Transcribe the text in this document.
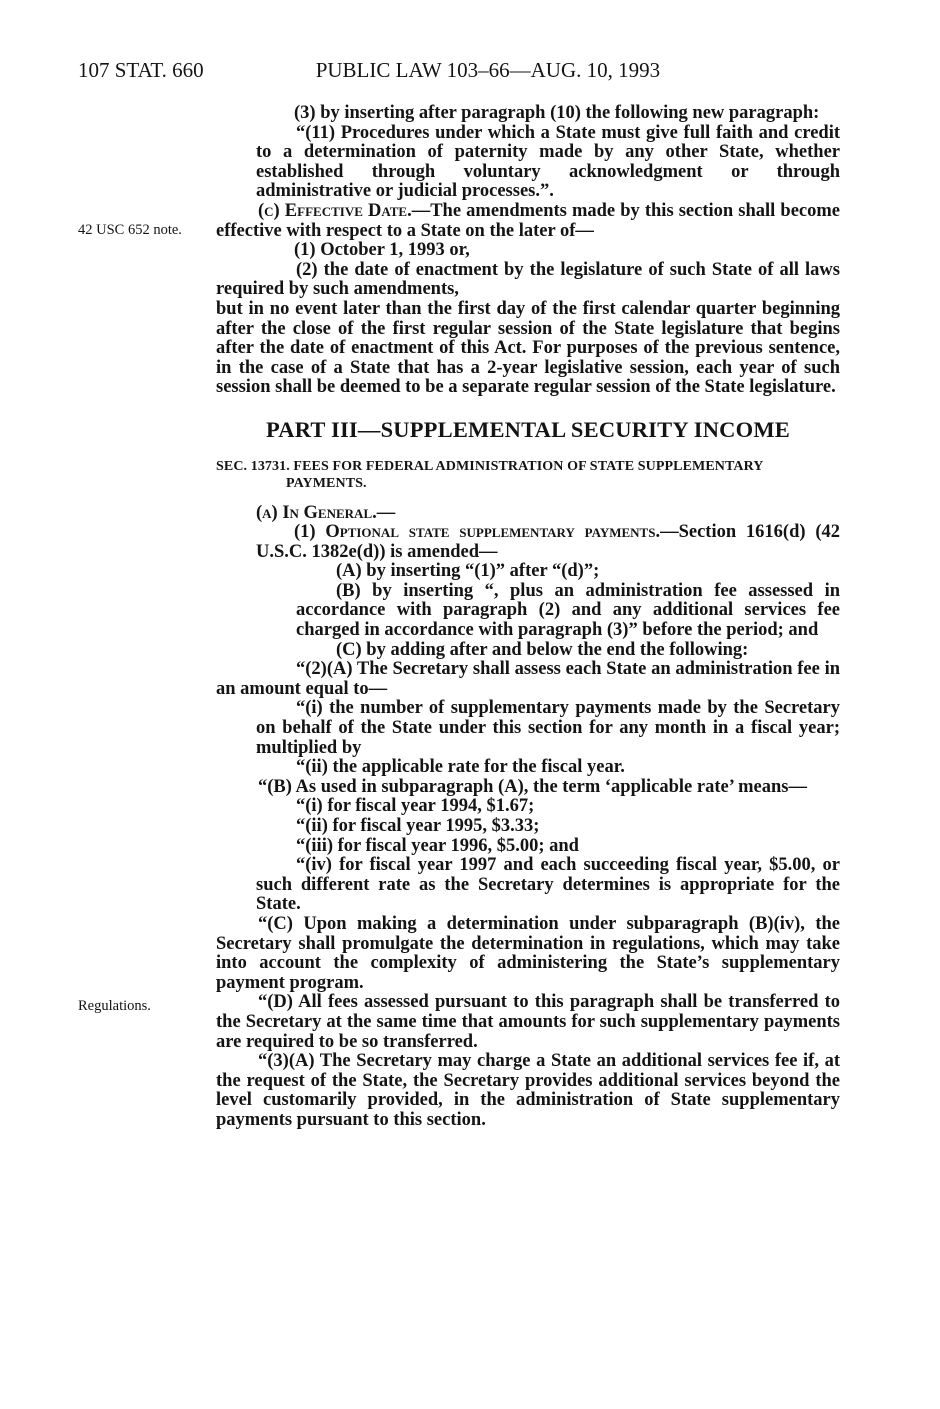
107 STAT. 660	PUBLIC LAW 103–66—AUG. 10, 1993
42 USC 652 note.
Regulations.

(3) by inserting after paragraph (10) the following new paragraph:

“(11) Procedures under which a State must give full faith and credit to a determination of paternity made by any other State, whether established through voluntary acknowledgment or through administrative or judicial processes.”.

(c) Effective Date.—The amendments made by this section shall become effective with respect to a State on the later of—

(1) October 1, 1993 or,

(2) the date of enactment by the legislature of such State of all laws required by such amendments,

but in no event later than the first day of the first calendar quarter beginning after the close of the first regular session of the State legislature that begins after the date of enactment of this Act. For purposes of the previous sentence, in the case of a State that has a 2-year legislative session, each year of such session shall be deemed to be a separate regular session of the State legislature.

PART III—SUPPLEMENTAL SECURITY INCOME
SEC. 13731. FEES FOR FEDERAL ADMINISTRATION OF STATE SUPPLEMENTARY PAYMENTS.

(a) In General.—

(1) Optional state supplementary payments.—Section 1616(d) (42 U.S.C. 1382e(d)) is amended—

(A) by inserting “(1)” after “(d)”;

(B) by inserting “, plus an administration fee assessed in accordance with paragraph (2) and any additional services fee charged in accordance with paragraph (3)” before the period; and

(C) by adding after and below the end the following:

“(2)(A) The Secretary shall assess each State an administration fee in an amount equal to—

“(i) the number of supplementary payments made by the Secretary on behalf of the State under this section for any month in a fiscal year; multiplied by

“(ii) the applicable rate for the fiscal year.

“(B) As used in subparagraph (A), the term ‘applicable rate’ means—

“(i) for fiscal year 1994, $1.67;

“(ii) for fiscal year 1995, $3.33;

“(iii) for fiscal year 1996, $5.00; and

“(iv) for fiscal year 1997 and each succeeding fiscal year, $5.00, or such different rate as the Secretary determines is appropriate for the State.

“(C) Upon making a determination under subparagraph (B)(iv), the Secretary shall promulgate the determination in regulations, which may take into account the complexity of administering the State’s supplementary payment program.

“(D) All fees assessed pursuant to this paragraph shall be transferred to the Secretary at the same time that amounts for such supplementary payments are required to be so transferred.

“(3)(A) The Secretary may charge a State an additional services fee if, at the request of the State, the Secretary provides additional services beyond the level customarily provided, in the administration of State supplementary payments pursuant to this section.
